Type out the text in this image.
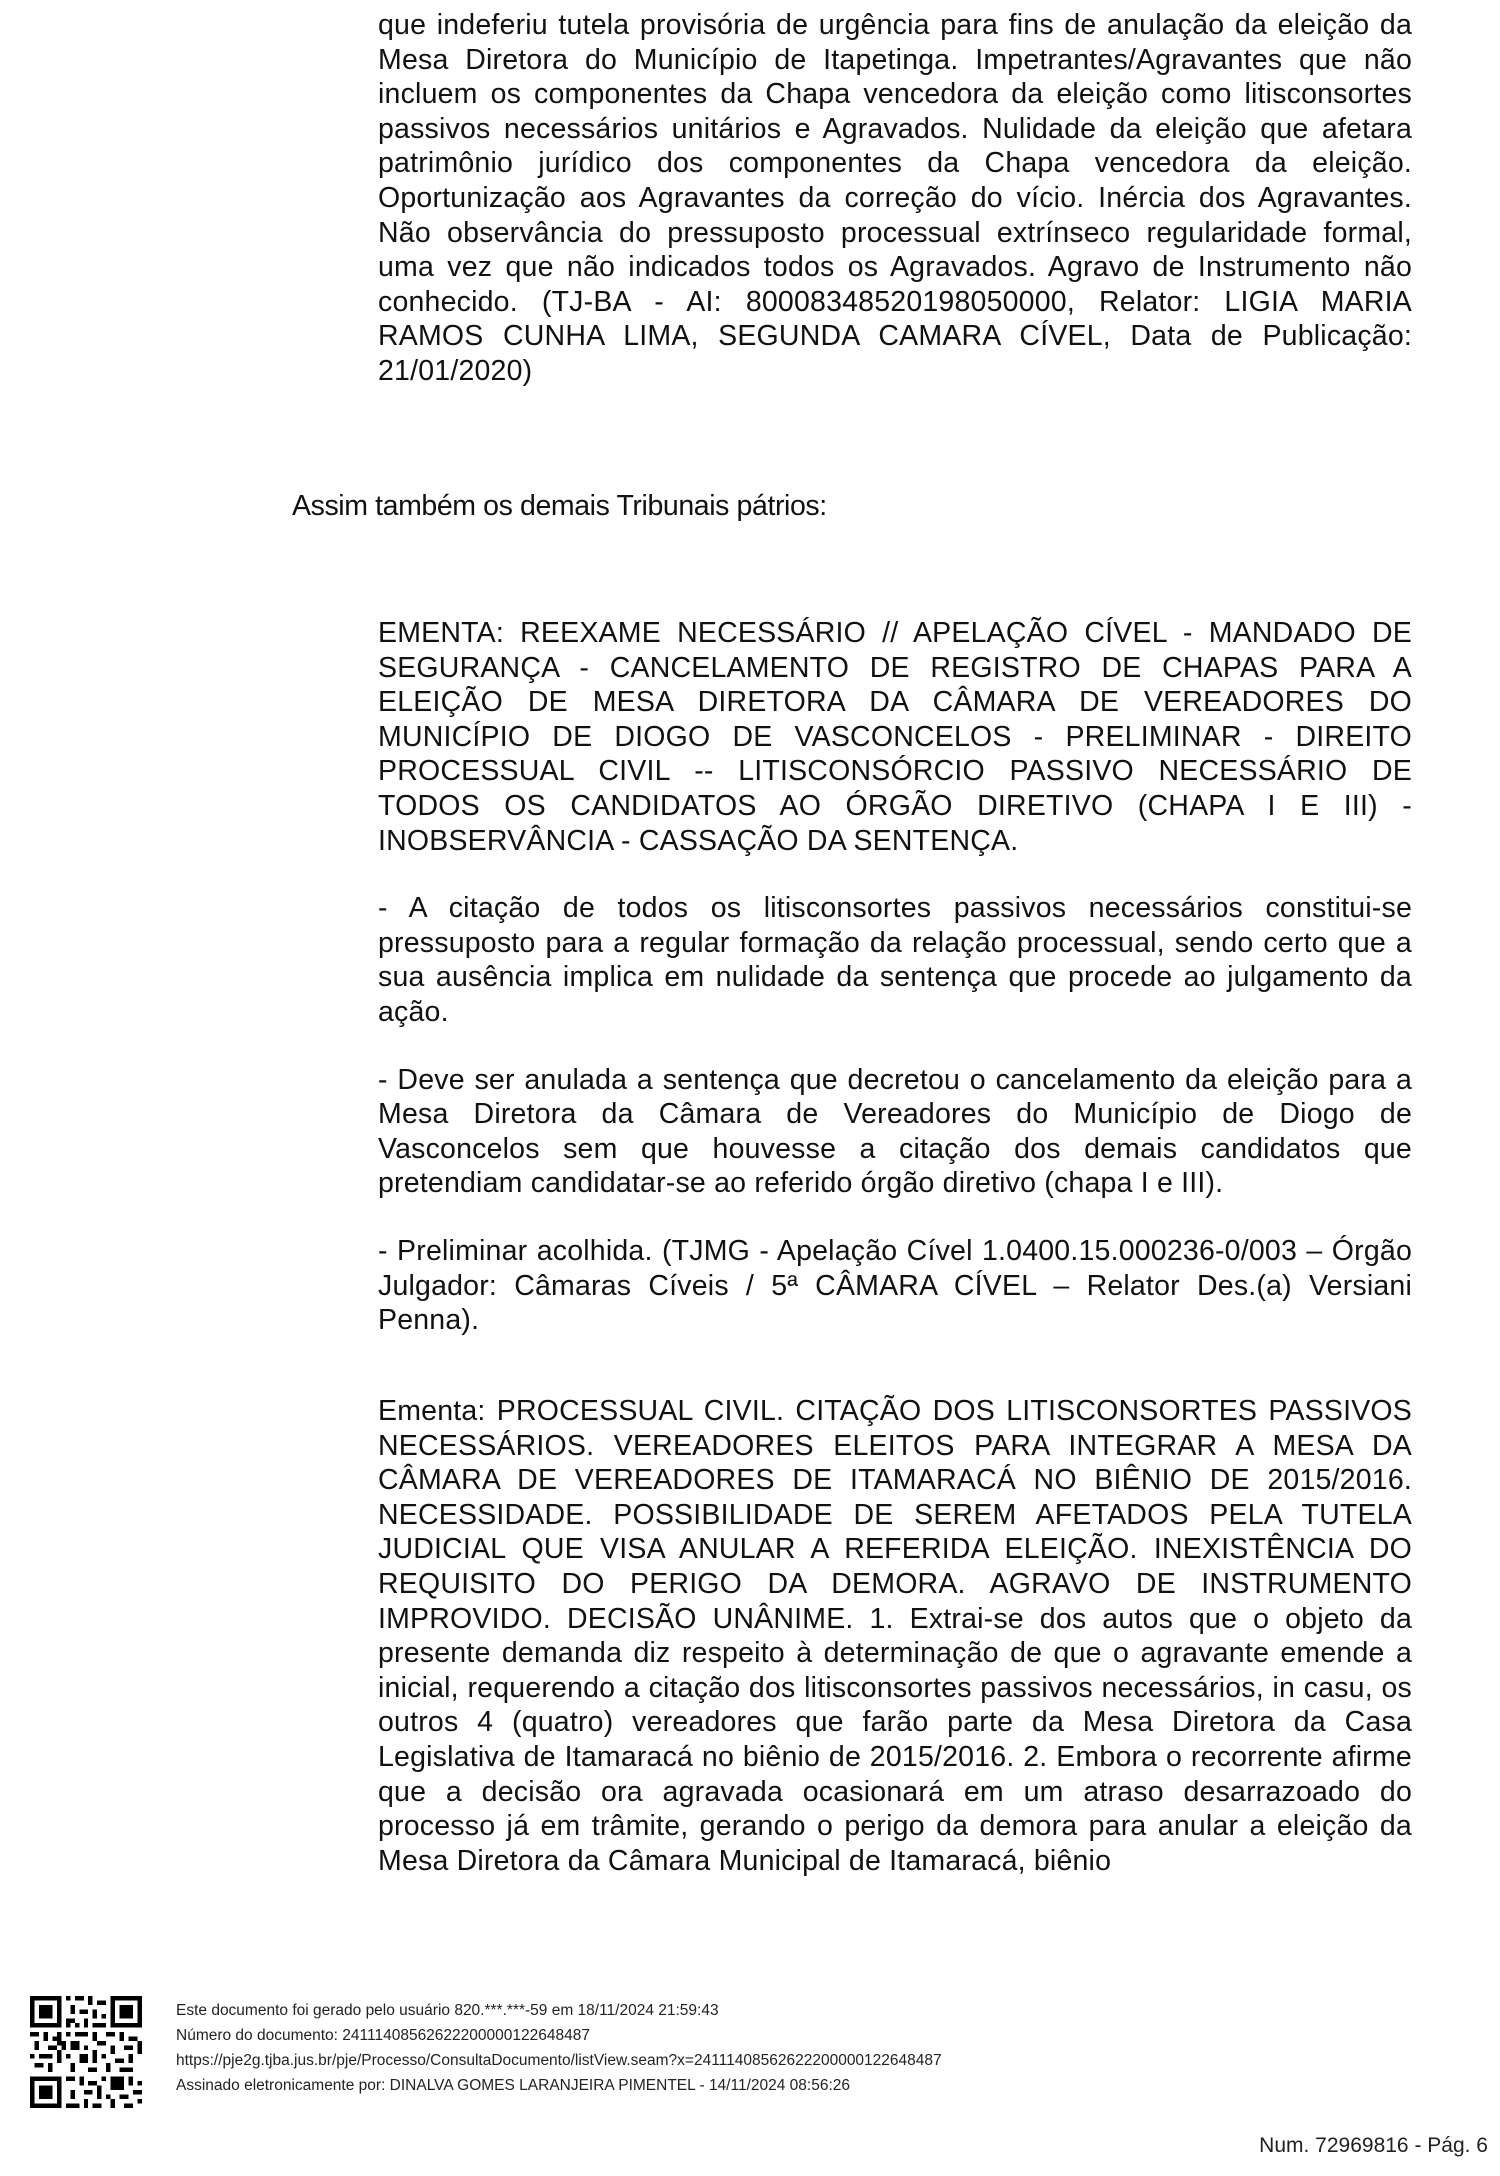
que indeferiu tutela provisória de urgência para fins de anulação da eleição da Mesa Diretora do Município de Itapetinga. Impetrantes/Agravantes que não incluem os componentes da Chapa vencedora da eleição como litisconsortes passivos necessários unitários e Agravados. Nulidade da eleição que afetara patrimônio jurídico dos componentes da Chapa vencedora da eleição. Oportunização aos Agravantes da correção do vício. Inércia dos Agravantes. Não observância do pressuposto processual extrínseco regularidade formal, uma vez que não indicados todos os Agravados. Agravo de Instrumento não conhecido. (TJ-BA - AI: 80008348520198050000, Relator: LIGIA MARIA RAMOS CUNHA LIMA, SEGUNDA CAMARA CÍVEL, Data de Publicação: 21/01/2020)

Assim também os demais Tribunais pátrios:

EMENTA: REEXAME NECESSÁRIO // APELAÇÃO CÍVEL - MANDADO DE SEGURANÇA - CANCELAMENTO DE REGISTRO DE CHAPAS PARA A ELEIÇÃO DE MESA DIRETORA DA CÂMARA DE VEREADORES DO MUNICÍPIO DE DIOGO DE VASCONCELOS - PRELIMINAR - DIREITO PROCESSUAL CIVIL -- LITISCONSÓRCIO PASSIVO NECESSÁRIO DE TODOS OS CANDIDATOS AO ÓRGÃO DIRETIVO (CHAPA I E III) - INOBSERVÂNCIA - CASSAÇÃO DA SENTENÇA.

- A citação de todos os litisconsortes passivos necessários constitui-se pressuposto para a regular formação da relação processual, sendo certo que a sua ausência implica em nulidade da sentença que procede ao julgamento da ação.

- Deve ser anulada a sentença que decretou o cancelamento da eleição para a Mesa Diretora da Câmara de Vereadores do Município de Diogo de Vasconcelos sem que houvesse a citação dos demais candidatos que pretendiam candidatar-se ao referido órgão diretivo (chapa I e III).

- Preliminar acolhida. (TJMG - Apelação Cível 1.0400.15.000236-0/003 – Órgão Julgador: Câmaras Cíveis / 5ª CÂMARA CÍVEL – Relator Des.(a) Versiani Penna).

Ementa: PROCESSUAL CIVIL. CITAÇÃO DOS LITISCONSORTES PASSIVOS NECESSÁRIOS. VEREADORES ELEITOS PARA INTEGRAR A MESA DA CÂMARA DE VEREADORES DE ITAMARACÁ NO BIÊNIO DE 2015/2016. NECESSIDADE. POSSIBILIDADE DE SEREM AFETADOS PELA TUTELA JUDICIAL QUE VISA ANULAR A REFERIDA ELEIÇÃO. INEXISTÊNCIA DO REQUISITO DO PERIGO DA DEMORA. AGRAVO DE INSTRUMENTO IMPROVIDO. DECISÃO UNÂNIME. 1. Extrai-se dos autos que o objeto da presente demanda diz respeito à determinação de que o agravante emende a inicial, requerendo a citação dos litisconsortes passivos necessários, in casu, os outros 4 (quatro) vereadores que farão parte da Mesa Diretora da Casa Legislativa de Itamaracá no biênio de 2015/2016. 2. Embora o recorrente afirme que a decisão ora agravada ocasionará em um atraso desarrazoado do processo já em trâmite, gerando o perigo da demora para anular a eleição da Mesa Diretora da Câmara Municipal de Itamaracá, biênio

Este documento foi gerado pelo usuário 820.***.***-59 em 18/11/2024 21:59:43
Número do documento: 24111408562622200000122648487
https://pje2g.tjba.jus.br/pje/Processo/ConsultaDocumento/listView.seam?x=24111408562622200000122648487
Assinado eletronicamente por: DINALVA GOMES LARANJEIRA PIMENTEL - 14/11/2024 08:56:26
Num. 72969816 - Pág. 6
